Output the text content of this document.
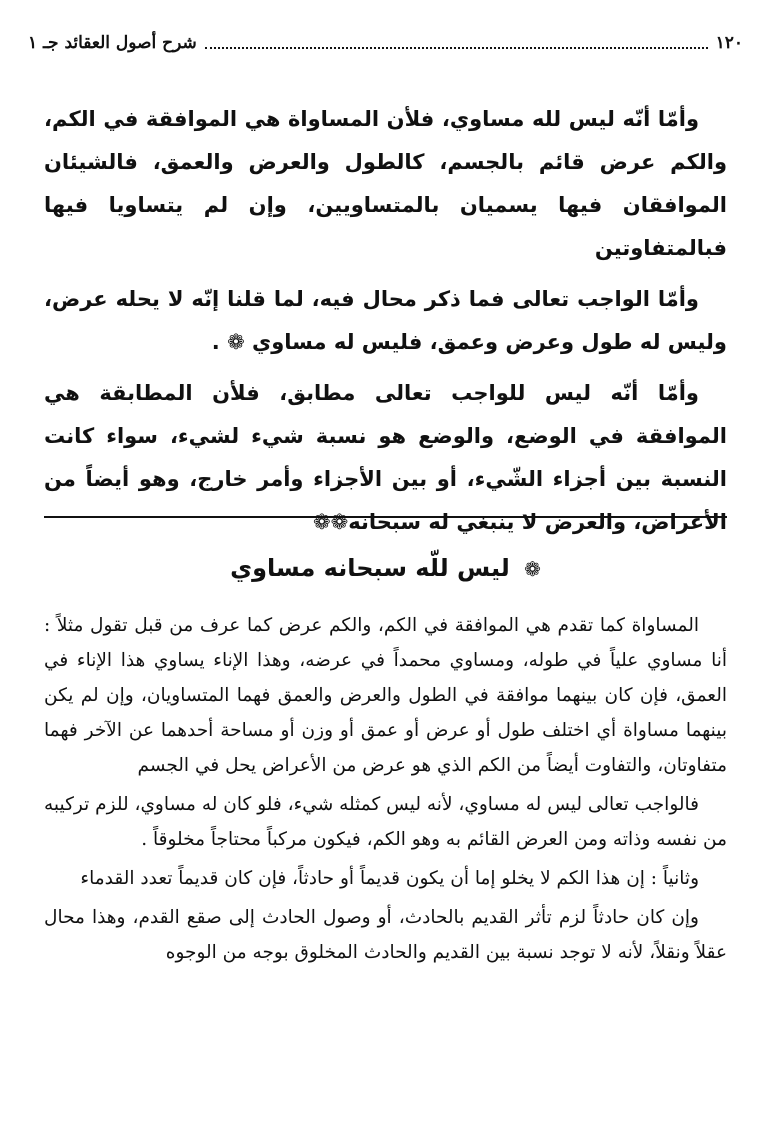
١٢٠
شرح أصول العقائد جـ ١

وأمّا أنّه ليس لله مساوي، فلأن المساواة هي الموافقة في الكم، والكم عرض قائم بالجسم، كالطول والعرض والعمق، فالشيئان الموافقان فيها يسميان بالمتساويين، وإن لم يتساويا فيها فبالمتفاوتين

وأمّا الواجب تعالى فما ذكر محال فيه، لما قلنا إنّه لا يحله عرض، وليس له طول وعرض وعمق، فليس له مساوي ❁ .

وأمّا أنّه ليس للواجب تعالى مطابق، فلأن المطابقة هي الموافقة في الوضع، والوضع هو نسبة شيء لشيء، سواء كانت النسبة بين أجزاء الشّيء، أو بين الأجزاء وأمر خارج، وهو أيضاً من الأعراض، والعرض لا ينبغي له سبحانه❁❁

❁ ليس للّه سبحانه مساوي

المساواة كما تقدم هي الموافقة في الكم، والكم عرض كما عرف من قبل تقول مثلاً : أنا مساوي علياً في طوله، ومساوي محمداً في عرضه، وهذا الإناء يساوي هذا الإناء في العمق، فإن كان بينهما موافقة في الطول والعرض والعمق فهما المتساويان، وإن لم يكن بينهما مساواة أي اختلف طول أو عرض أو عمق أو وزن أو مساحة أحدهما عن الآخر فهما متفاوتان، والتفاوت أيضاً من الكم الذي هو عرض من الأعراض يحل في الجسم

فالواجب تعالى ليس له مساوي، لأنه ليس كمثله شيء، فلو كان له مساوي، للزم تركيبه من نفسه وذاته ومن العرض القائم به وهو الكم، فيكون مركباً محتاجاً مخلوقاً .

وثانياً : إن هذا الكم لا يخلو إما أن يكون قديماً أو حادثاً، فإن كان قديماً تعدد القدماء

وإن كان حادثاً لزم تأثر القديم بالحادث، أو وصول الحادث إلى صقع القدم، وهذا محال عقلاً ونقلاً، لأنه لا توجد نسبة بين القديم والحادث المخلوق بوجه من الوجوه
